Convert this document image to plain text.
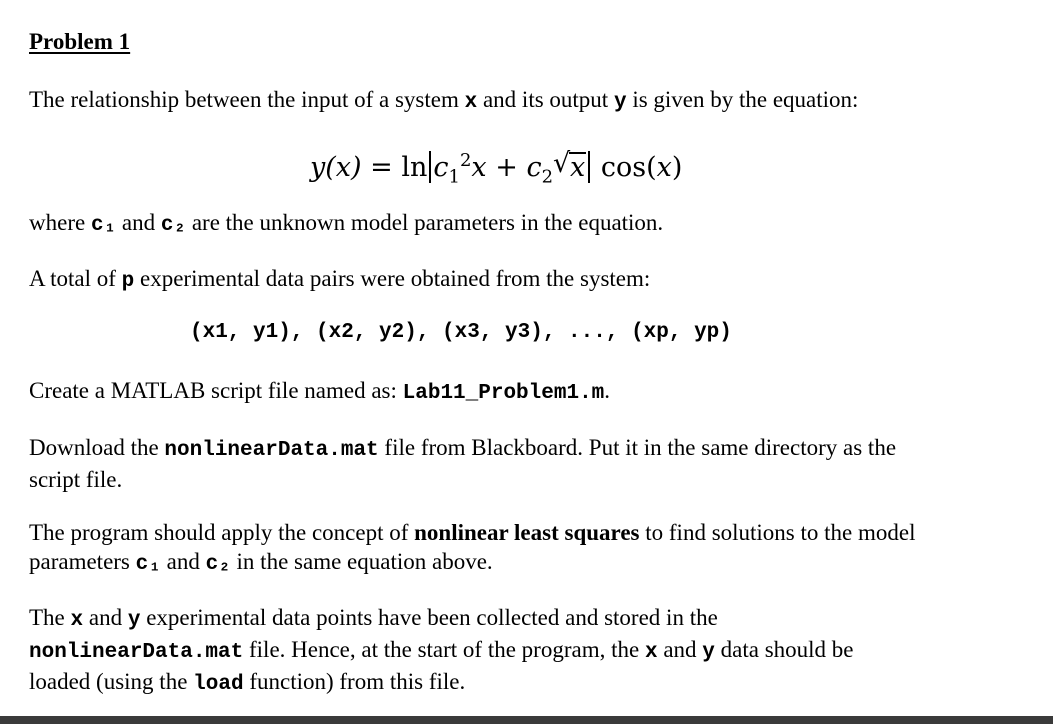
Problem 1
The relationship between the input of a system x and its output y is given by the equation:
$y(x) = \ln c_1^2x + c_2$ √ x cos(x)
where c₁ and c₂ are the unknown model parameters in the equation.
A total of p experimental data pairs were obtained from the system:
(x1, y1), (x2, y2), (x3, y3), ..., (xp, yp)
Create a MATLAB script file named as: Lab11_Problem1.m.
Download the nonlinearData.mat file from Blackboard. Put it in the same directory as the
script file.
The program should apply the concept of nonlinear least squares to find solutions to the model
parameters c₁ and c₂ in the same equation above.
The x and y experimental data points have been collected and stored in the
nonlinearData.mat file. Hence, at the start of the program, the x and y data should be
loaded (using the load function) from this file.
